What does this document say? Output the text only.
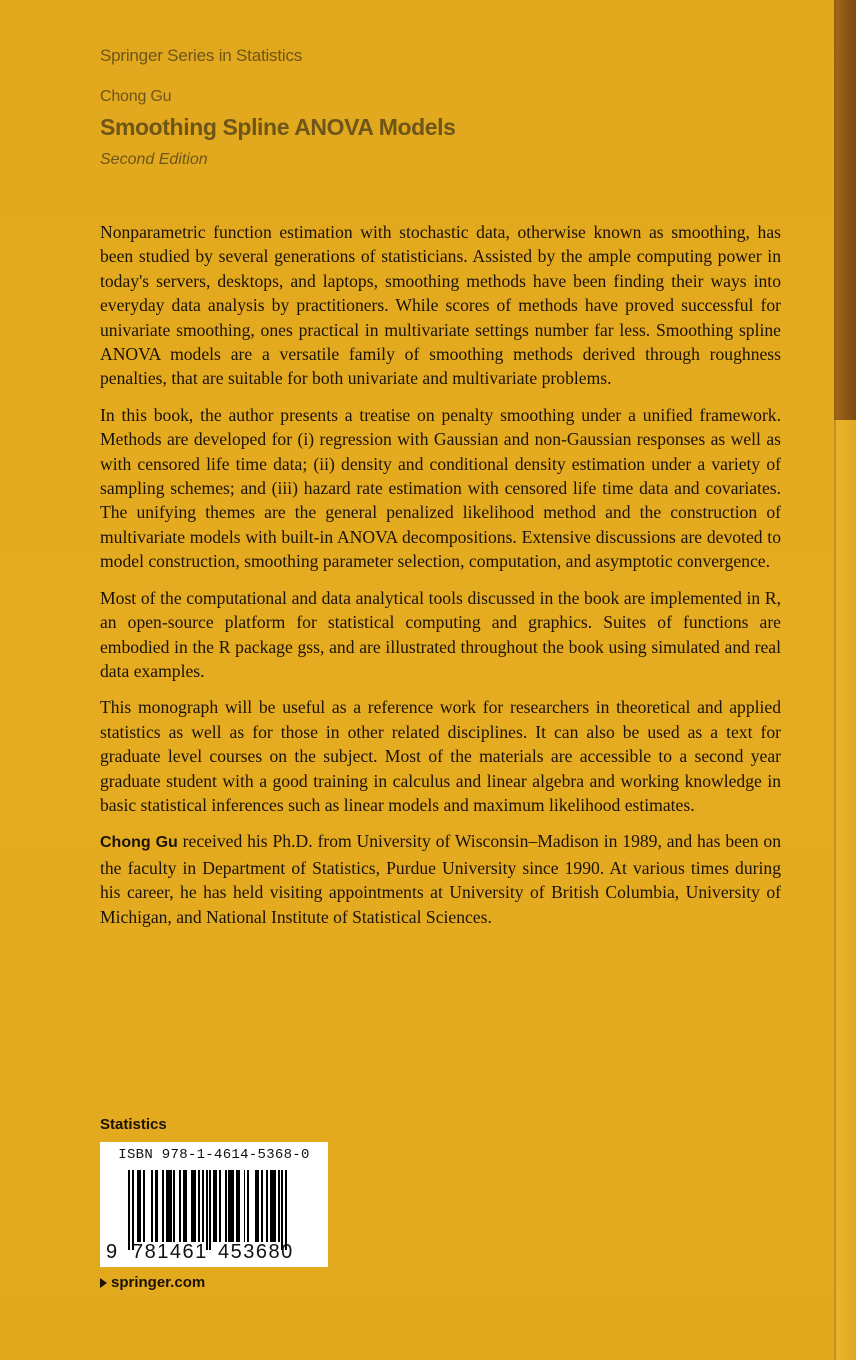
Springer Series in Statistics
Chong Gu
Smoothing Spline ANOVA Models
Second Edition

Nonparametric function estimation with stochastic data, otherwise known as smoothing, has been studied by several generations of statisticians. Assisted by the ample computing power in today's servers, desktops, and laptops, smoothing methods have been finding their ways into everyday data analysis by practitioners. While scores of methods have proved successful for univariate smoothing, ones practical in multivariate settings number far less. Smoothing spline ANOVA models are a versatile family of smoothing methods derived through roughness penalties, that are suitable for both univariate and multivariate problems.

In this book, the author presents a treatise on penalty smoothing under a unified framework. Methods are developed for (i) regression with Gaussian and non-Gaussian responses as well as with censored life time data; (ii) density and conditional density estimation under a variety of sampling schemes; and (iii) hazard rate estimation with censored life time data and covariates. The unifying themes are the general penalized likelihood method and the construction of multivariate models with built-in ANOVA decompositions. Extensive discussions are devoted to model construction, smoothing parameter selection, computation, and asymptotic convergence.

Most of the computational and data analytical tools discussed in the book are implemented in R, an open-source platform for statistical computing and graphics. Suites of functions are embodied in the R package gss, and are illustrated throughout the book using simulated and real data examples.

This monograph will be useful as a reference work for researchers in theoretical and applied statistics as well as for those in other related disciplines. It can also be used as a text for graduate level courses on the subject. Most of the materials are accessible to a second year graduate student with a good training in calculus and linear algebra and working knowledge in basic statistical inferences such as linear models and maximum likelihood estimates.

Chong Gu received his Ph.D. from University of Wisconsin–Madison in 1989, and has been on the faculty in Department of Statistics, Purdue University since 1990. At various times during his career, he has held visiting appointments at University of British Columbia, University of Michigan, and National Institute of Statistical Sciences.

Statistics
ISBN 978-1-4614-5368-0
9 781461 453680
springer.com
